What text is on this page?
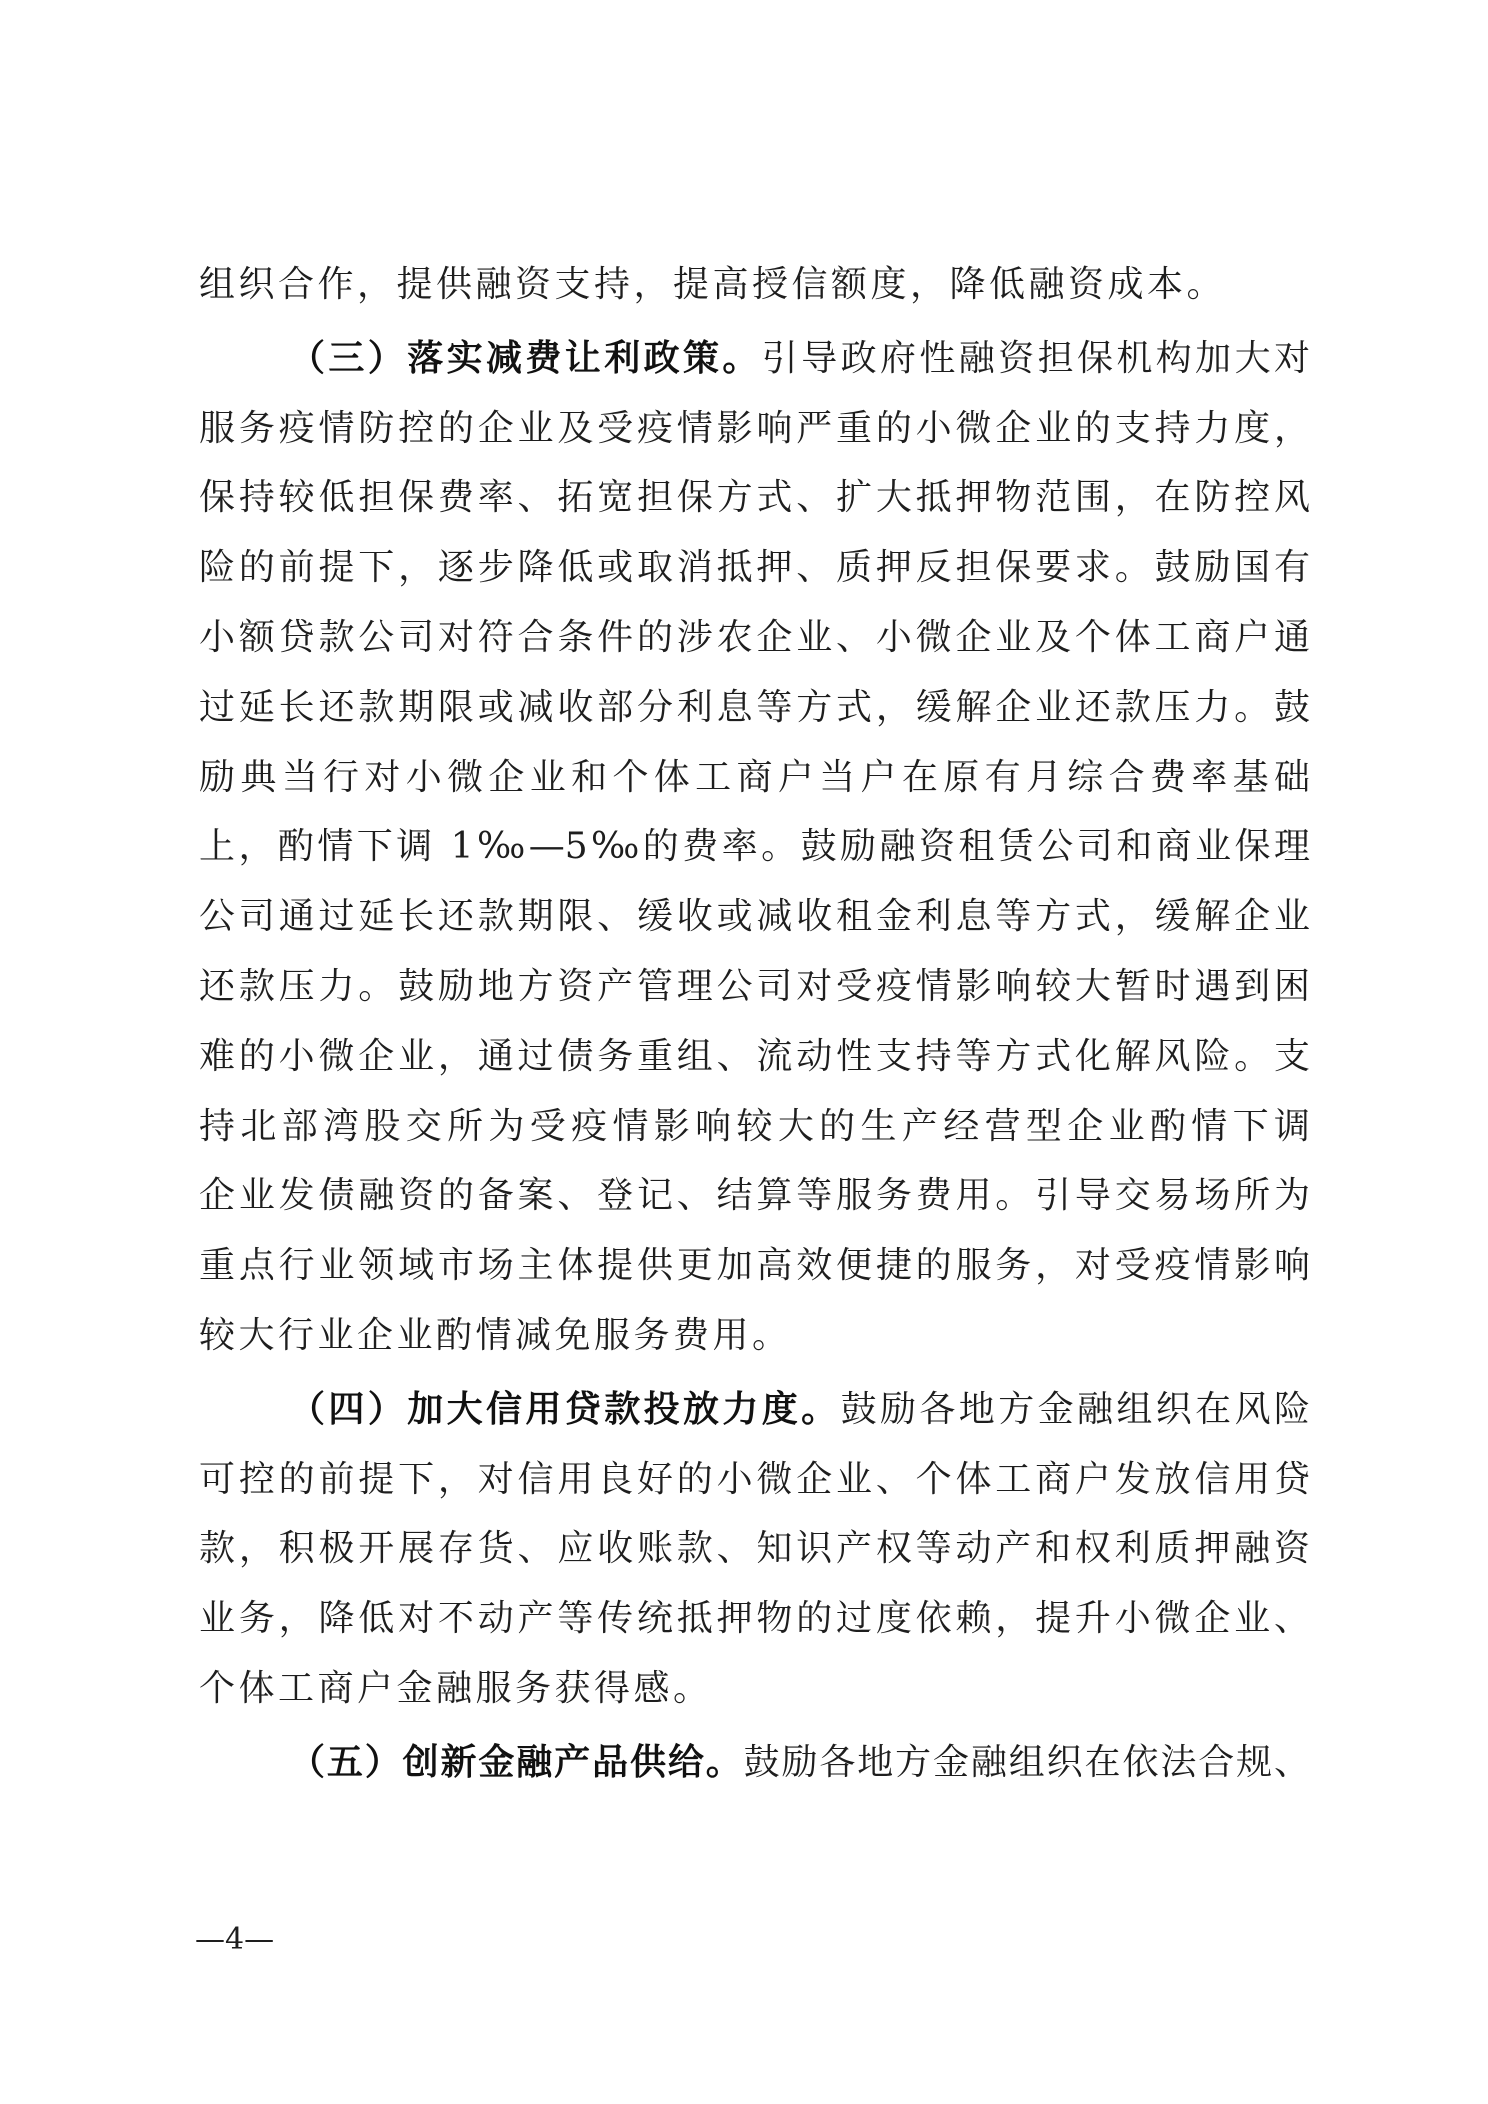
组织合作，提供融资支持，提高授信额度，降低融资成本。
（三）落实减费让利政策。引导政府性融资担保机构加大对
服务疫情防控的企业及受疫情影响严重的小微企业的支持力度，
保持较低担保费率、拓宽担保方式、扩大抵押物范围，在防控风
险的前提下，逐步降低或取消抵押、质押反担保要求。鼓励国有
小额贷款公司对符合条件的涉农企业、小微企业及个体工商户通
过延长还款期限或减收部分利息等方式，缓解企业还款压力。鼓
励典当行对小微企业和个体工商户当户在原有月综合费率基础
上，酌情下调 1‰—5‰的费率。鼓励融资租赁公司和商业保理
公司通过延长还款期限、缓收或减收租金利息等方式，缓解企业
还款压力。鼓励地方资产管理公司对受疫情影响较大暂时遇到困
难的小微企业，通过债务重组、流动性支持等方式化解风险。支
持北部湾股交所为受疫情影响较大的生产经营型企业酌情下调
企业发债融资的备案、登记、结算等服务费用。引导交易场所为
重点行业领域市场主体提供更加高效便捷的服务，对受疫情影响
较大行业企业酌情减免服务费用。
（四）加大信用贷款投放力度。鼓励各地方金融组织在风险
可控的前提下，对信用良好的小微企业、个体工商户发放信用贷
款，积极开展存货、应收账款、知识产权等动产和权利质押融资
业务，降低对不动产等传统抵押物的过度依赖，提升小微企业、
个体工商户金融服务获得感。
（五）创新金融产品供给。鼓励各地方金融组织在依法合规、
—4—
